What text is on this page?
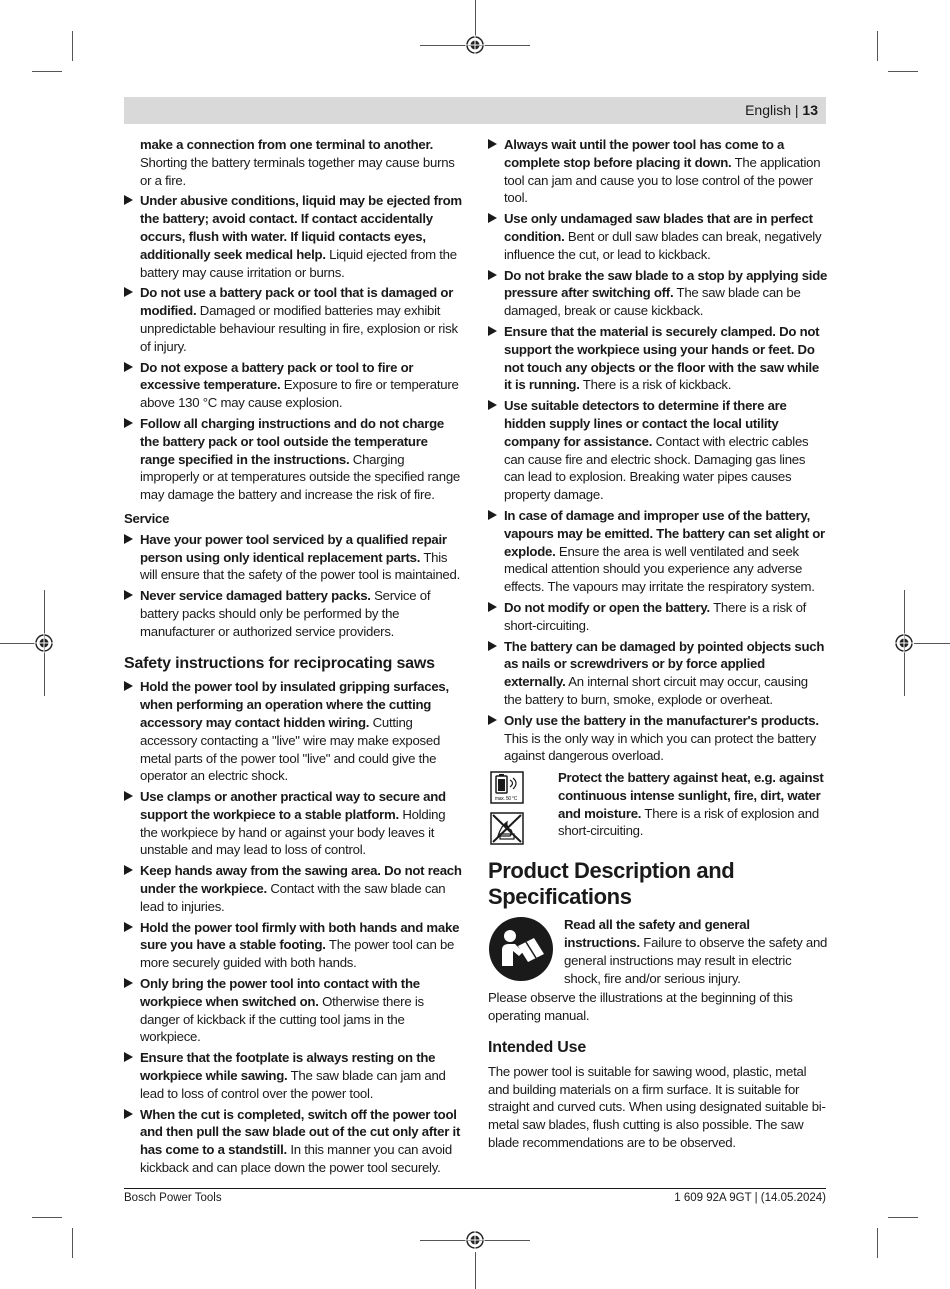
English | 13

make a connection from one terminal to another. Shorting the battery terminals together may cause burns or a fire.

Under abusive conditions, liquid may be ejected from the battery; avoid contact. If contact accidentally occurs, flush with water. If liquid contacts eyes, additionally seek medical help. Liquid ejected from the battery may cause irritation or burns.

Do not use a battery pack or tool that is damaged or modified. Damaged or modified batteries may exhibit unpredictable behaviour resulting in fire, explosion or risk of injury.

Do not expose a battery pack or tool to fire or excessive temperature. Exposure to fire or temperature above 130 °C may cause explosion.

Follow all charging instructions and do not charge the battery pack or tool outside the temperature range specified in the instructions. Charging improperly or at temperatures outside the specified range may damage the battery and increase the risk of fire.

Service

Have your power tool serviced by a qualified repair person using only identical replacement parts. This will ensure that the safety of the power tool is maintained.

Never service damaged battery packs. Service of battery packs should only be performed by the manufacturer or authorized service providers.

Safety instructions for reciprocating saws

Hold the power tool by insulated gripping surfaces, when performing an operation where the cutting accessory may contact hidden wiring. Cutting accessory contacting a "live" wire may make exposed metal parts of the power tool "live" and could give the operator an electric shock.

Use clamps or another practical way to secure and support the workpiece to a stable platform. Holding the workpiece by hand or against your body leaves it unstable and may lead to loss of control.

Keep hands away from the sawing area. Do not reach under the workpiece. Contact with the saw blade can lead to injuries.

Hold the power tool firmly with both hands and make sure you have a stable footing. The power tool can be more securely guided with both hands.

Only bring the power tool into contact with the workpiece when switched on. Otherwise there is danger of kickback if the cutting tool jams in the workpiece.

Ensure that the footplate is always resting on the workpiece while sawing. The saw blade can jam and lead to loss of control over the power tool.

When the cut is completed, switch off the power tool and then pull the saw blade out of the cut only after it has come to a standstill. In this manner you can avoid kickback and can place down the power tool securely.

Always wait until the power tool has come to a complete stop before placing it down. The application tool can jam and cause you to lose control of the power tool.

Use only undamaged saw blades that are in perfect condition. Bent or dull saw blades can break, negatively influence the cut, or lead to kickback.

Do not brake the saw blade to a stop by applying side pressure after switching off. The saw blade can be damaged, break or cause kickback.

Ensure that the material is securely clamped. Do not support the workpiece using your hands or feet. Do not touch any objects or the floor with the saw while it is running. There is a risk of kickback.

Use suitable detectors to determine if there are hidden supply lines or contact the local utility company for assistance. Contact with electric cables can cause fire and electric shock. Damaging gas lines can lead to explosion. Breaking water pipes causes property damage.

In case of damage and improper use of the battery, vapours may be emitted. The battery can set alight or explode. Ensure the area is well ventilated and seek medical attention should you experience any adverse effects. The vapours may irritate the respiratory system.

Do not modify or open the battery. There is a risk of short-circuiting.

The battery can be damaged by pointed objects such as nails or screwdrivers or by force applied externally. An internal short circuit may occur, causing the battery to burn, smoke, explode or overheat.

Only use the battery in the manufacturer's products. This is the only way in which you can protect the battery against dangerous overload.

max. 50 °C
Protect the battery against heat, e.g. against continuous intense sunlight, fire, dirt, water and moisture. There is a risk of explosion and short-circuiting.
Product Description and Specifications
Read all the safety and general instructions. Failure to observe the safety and general instructions may result in electric shock, fire and/or serious injury.

Please observe the illustrations at the beginning of this operating manual.

Intended Use

The power tool is suitable for sawing wood, plastic, metal and building materials on a firm surface. It is suitable for straight and curved cuts. When using designated suitable bi-metal saw blades, flush cutting is also possible. The saw blade recommendations are to be observed.

Bosch Power Tools	1 609 92A 9GT | (14.05.2024)
